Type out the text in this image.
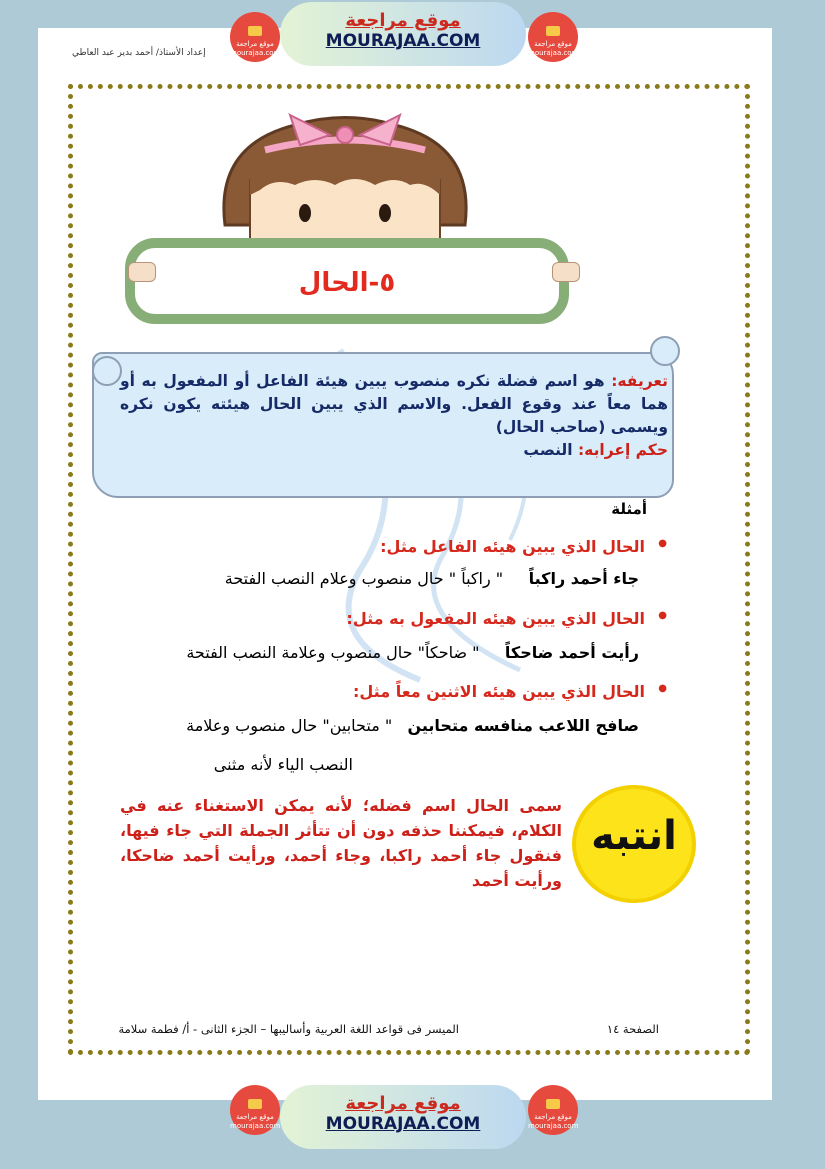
موقع مراجعة mourajaa.com
موقع مراجعة
MOURAJAA.COM	موقع مراجعة mourajaa.com
إعداد الأستاذ/ أحمد بدير عبد العاطي
٥-الحال
تعريفه: هو اسم فضلة نكره منصوب يبين هيئة الفاعل أو المفعول به أو هما معاً عند وقوع الفعل. والاسم الذي يبين الحال هيئته يكون نكره ويسمى (صاحب الحال)
حكم إعرابه: النصب
أمثلة
الحال الذي يبين هيئه الفاعل مثل: ●
جاء أحمد راكباً     " راكباً " حال منصوب وعلام النصب الفتحة
الحال الذي يبين هيئه المفعول به مثل: ●
رأيت أحمد ضاحكاً     " ضاحكاً" حال منصوب وعلامة النصب الفتحة
الحال الذي يبين هيئه الاثنين معاً مثل: ●
صافح اللاعب منافسه متحابين   " متحابين" حال منصوب وعلامة
النصب الياء لأنه مثنى
سمى الحال اسم فضله؛ لأنه يمكن الاستغناء عنه في الكلام، فيمكننا حذفه دون أن تتأثر الجملة التي جاء فيها، فنقول جاء أحمد راكبا، وجاء أحمد، ورأيت أحمد ضاحكا، ورأيت أحمد
انتبه
الصفحة ١٤
الميسر فى قواعد اللغة العربية وأساليبها – الجزء الثانى - أ/ فطمة سلامة

موقع مراجعة mourajaa.com
موقع مراجعة
MOURAJAA.COM	موقع مراجعة mourajaa.com
